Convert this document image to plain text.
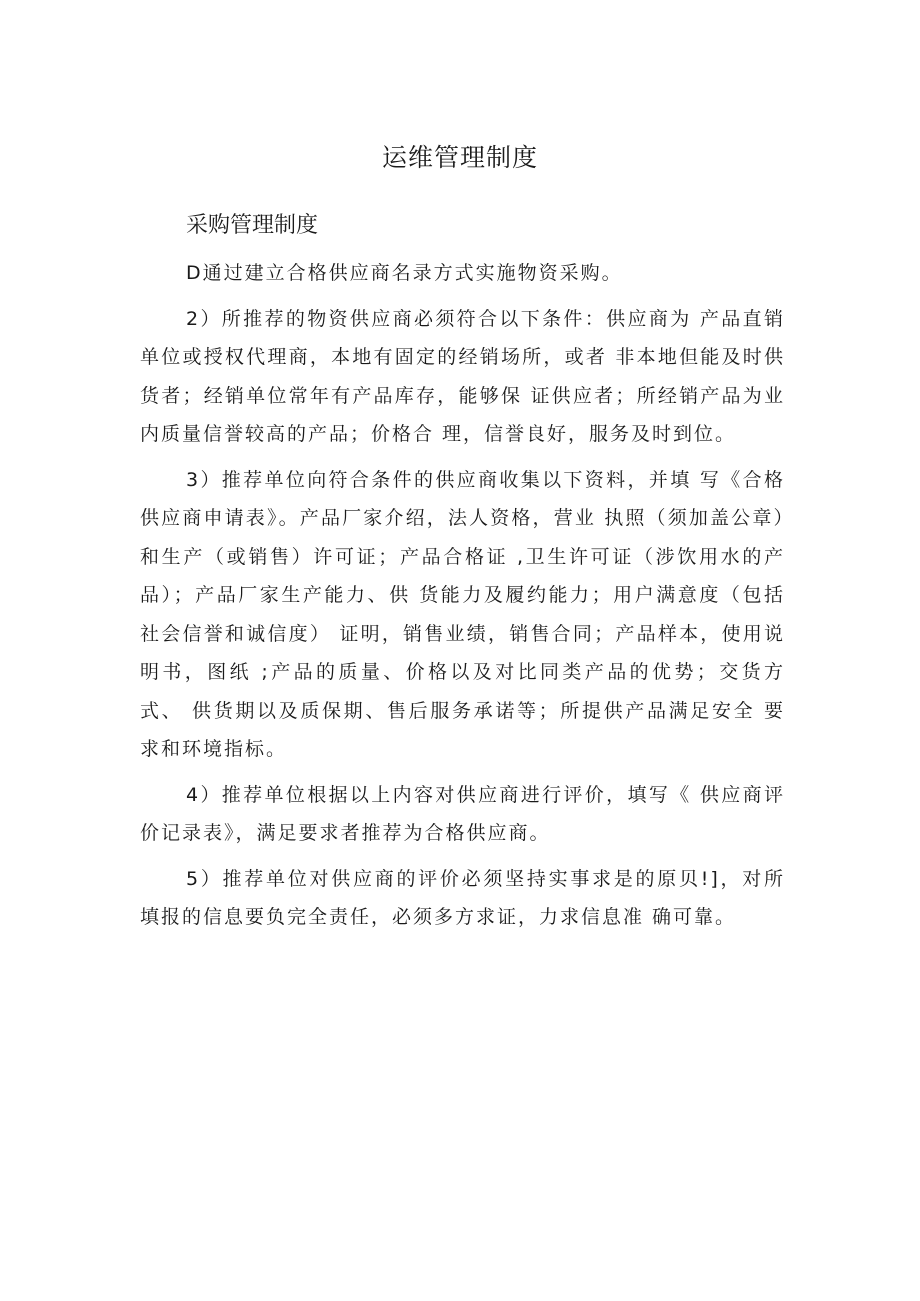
运维管理制度
采购管理制度

D通过建立合格供应商名录方式实施物资采购。

2）所推荐的物资供应商必须符合以下条件：供应商为 产品直销单位或授权代理商，本地有固定的经销场所，或者 非本地但能及时供货者；经销单位常年有产品库存，能够保 证供应者；所经销产品为业内质量信誉较高的产品；价格合 理，信誉良好，服务及时到位。

3）推荐单位向符合条件的供应商收集以下资料，并填 写《合格供应商申请表》。产品厂家介绍，法人资格，营业 执照（须加盖公章）和生产（或销售）许可证；产品合格证 ,卫生许可证（涉饮用水的产品）；产品厂家生产能力、供 货能力及履约能力；用户满意度（包括社会信誉和诚信度） 证明，销售业绩，销售合同；产品样本，使用说明书，图纸 ;产品的质量、价格以及对比同类产品的优势；交货方式、 供货期以及质保期、售后服务承诺等；所提供产品满足安全 要求和环境指标。

4）推荐单位根据以上内容对供应商进行评价，填写《 供应商评价记录表》，满足要求者推荐为合格供应商。

5）推荐单位对供应商的评价必须坚持实事求是的原贝!]，对所填报的信息要负完全责任，必须多方求证，力求信息准 确可靠。
